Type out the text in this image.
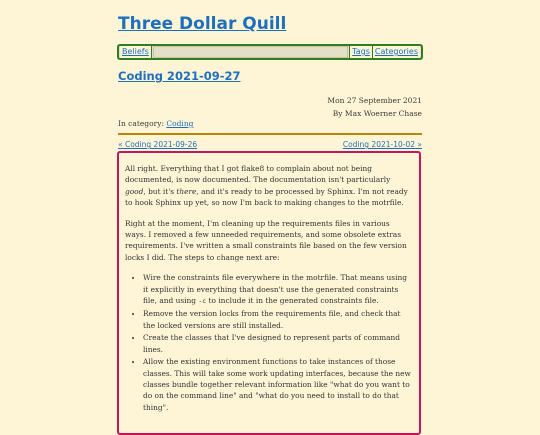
Three Dollar Quill
Beliefs	Tags Categories
Coding 2021-09-27
Mon 27 September 2021
By Max Woerner Chase
In category: Coding
« Coding 2021-09-26	Coding 2021-10-02 »

All right. Everything that I got flake8 to complain about not being documented, is now documented. The documentation isn't particularly good, but it's there, and it's ready to be processed by Sphinx. I'm not ready to hook Sphinx up yet, so now I'm back to making changes to the motrfile.

Right at the moment, I'm cleaning up the requirements files in various ways. I removed a few unneeded requirements, and some obsolete extras requirements. I've written a small constraints file based on the few version locks I did. The steps to change next are:

• Wire the constraints file everywhere in the motrfile. That means using it explicitly in everything that doesn't use the generated constraints file, and using -c to include it in the generated constraints file.
• Remove the version locks from the requirements file, and check that the locked versions are still installed.
• Create the classes that I've designed to represent parts of command lines.
• Allow the existing environment functions to take instances of those classes. This will take some work updating interfaces, because the new classes bundle together relevant information like "what do you want to do on the command line" and "what do you need to install to do that thing".
